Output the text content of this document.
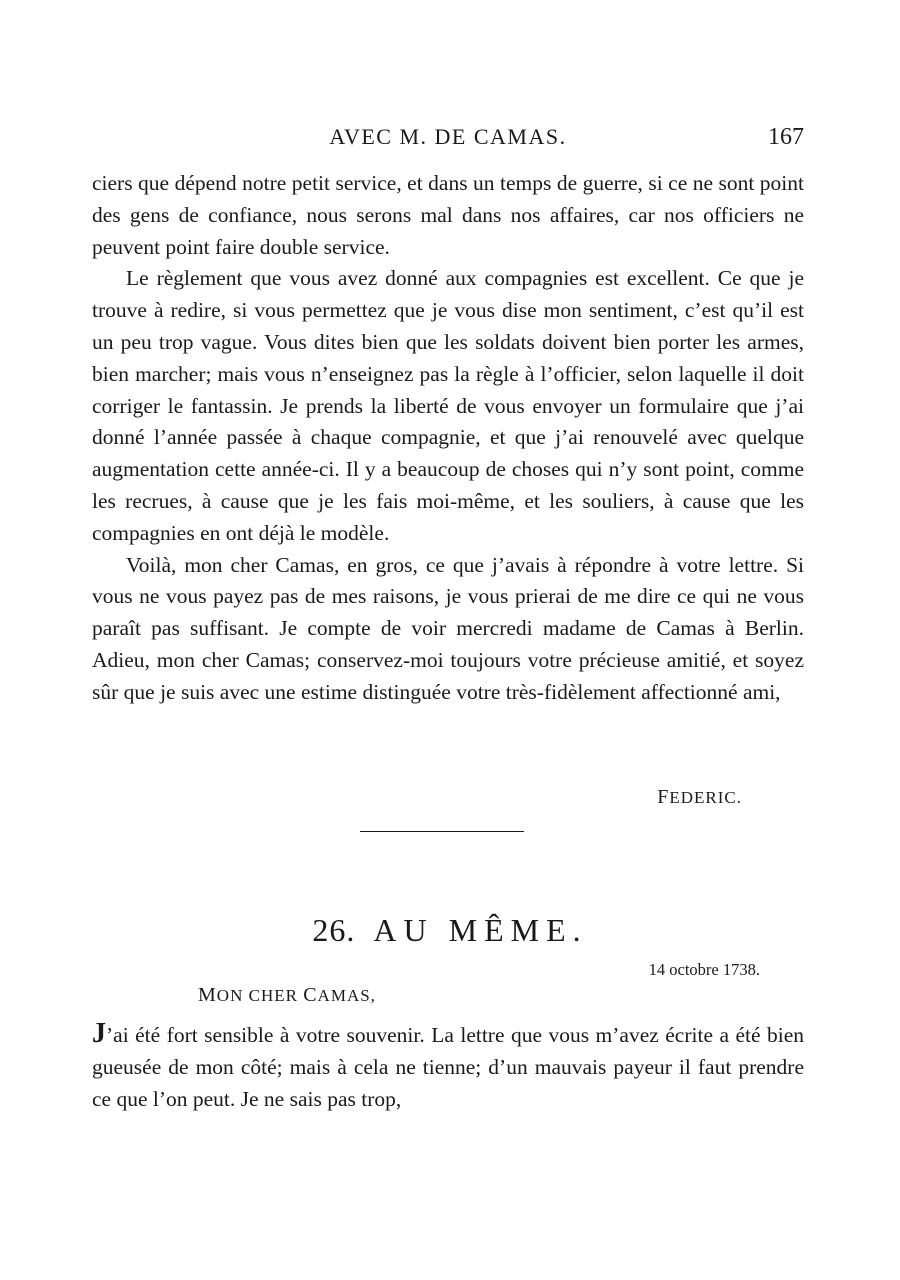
AVEC M. DE CAMAS.	167

ciers que dépend notre petit service, et dans un temps de guerre, si ce ne sont point des gens de confiance, nous serons mal dans nos affaires, car nos officiers ne peuvent point faire double service.

Le règlement que vous avez donné aux compagnies est excellent. Ce que je trouve à redire, si vous permettez que je vous dise mon sentiment, c’est qu’il est un peu trop vague. Vous dites bien que les soldats doivent bien porter les armes, bien marcher; mais vous n’enseignez pas la règle à l’officier, selon laquelle il doit corriger le fantassin. Je prends la liberté de vous envoyer un formulaire que j’ai donné l’année passée à chaque compagnie, et que j’ai renouvelé avec quelque augmentation cette année-ci. Il y a beaucoup de choses qui n’y sont point, comme les recrues, à cause que je les fais moi-même, et les souliers, à cause que les compagnies en ont déjà le modèle.

Voilà, mon cher Camas, en gros, ce que j’avais à répondre à votre lettre. Si vous ne vous payez pas de mes raisons, je vous prierai de me dire ce qui ne vous paraît pas suffisant. Je compte de voir mercredi madame de Camas à Berlin. Adieu, mon cher Camas; conservez-moi toujours votre précieuse amitié, et soyez sûr que je suis avec une estime distinguée votre très-fidèlement affectionné ami,

FEDERIC.
26. AU MÊME.
14 octobre 1738.
MON CHER CAMAS,

J’ai été fort sensible à votre souvenir. La lettre que vous m’avez écrite a été bien gueusée de mon côté; mais à cela ne tienne; d’un mauvais payeur il faut prendre ce que l’on peut. Je ne sais pas trop,
